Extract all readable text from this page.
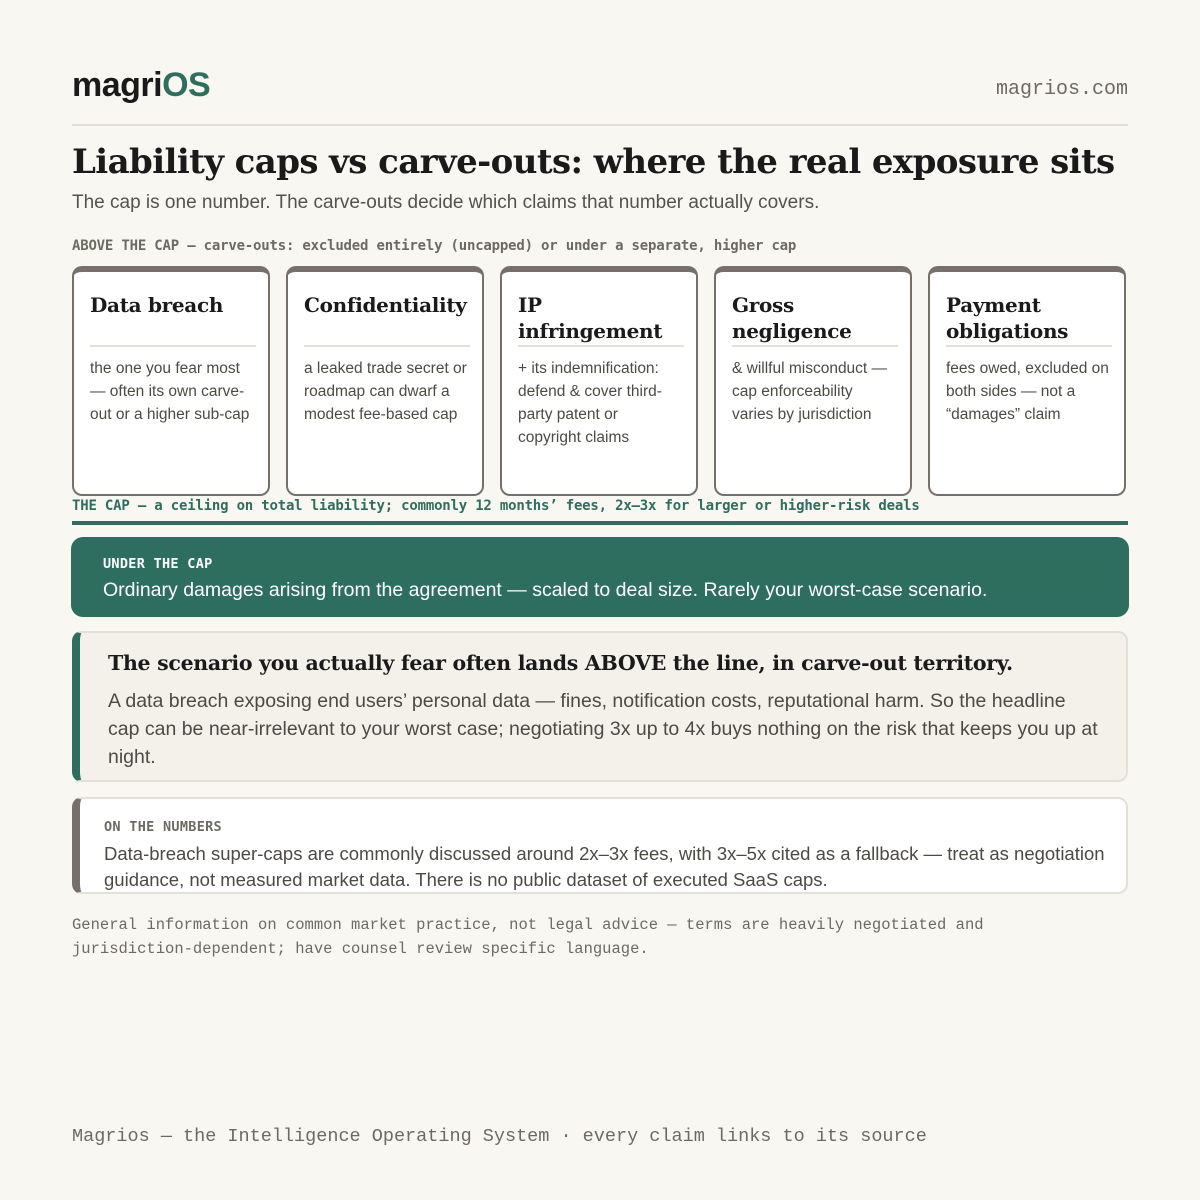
magriOS	magrios.com
Liability caps vs carve-outs: where the real exposure sits
The cap is one number. The carve-outs decide which claims that number actually covers.
ABOVE THE CAP — carve-outs: excluded entirely (uncapped) or under a separate, higher cap
Data breach
the one you fear most — often its own carve-out or a higher sub-cap
Confidentiality
a leaked trade secret or roadmap can dwarf a modest fee-based cap
IP infringement
+ its indemnification: defend & cover third-party patent or copyright claims
Gross negligence
& willful misconduct — cap enforceability varies by jurisdiction
Payment obligations
fees owed, excluded on both sides — not a “damages” claim
THE CAP — a ceiling on total liability; commonly 12 months’ fees, 2x–3x for larger or higher-risk deals
UNDER THE CAP
Ordinary damages arising from the agreement — scaled to deal size. Rarely your worst-case scenario.
The scenario you actually fear often lands ABOVE the line, in carve-out territory.
A data breach exposing end users’ personal data — fines, notification costs, reputational harm. So the headline cap can be near-irrelevant to your worst case; negotiating 3x up to 4x buys nothing on the risk that keeps you up at night.
ON THE NUMBERS
Data-breach super-caps are commonly discussed around 2x–3x fees, with 3x–5x cited as a fallback — treat as negotiation guidance, not measured market data. There is no public dataset of executed SaaS caps.
General information on common market practice, not legal advice — terms are heavily negotiated and jurisdiction-dependent; have counsel review specific language.
Magrios — the Intelligence Operating System · every claim links to its source
